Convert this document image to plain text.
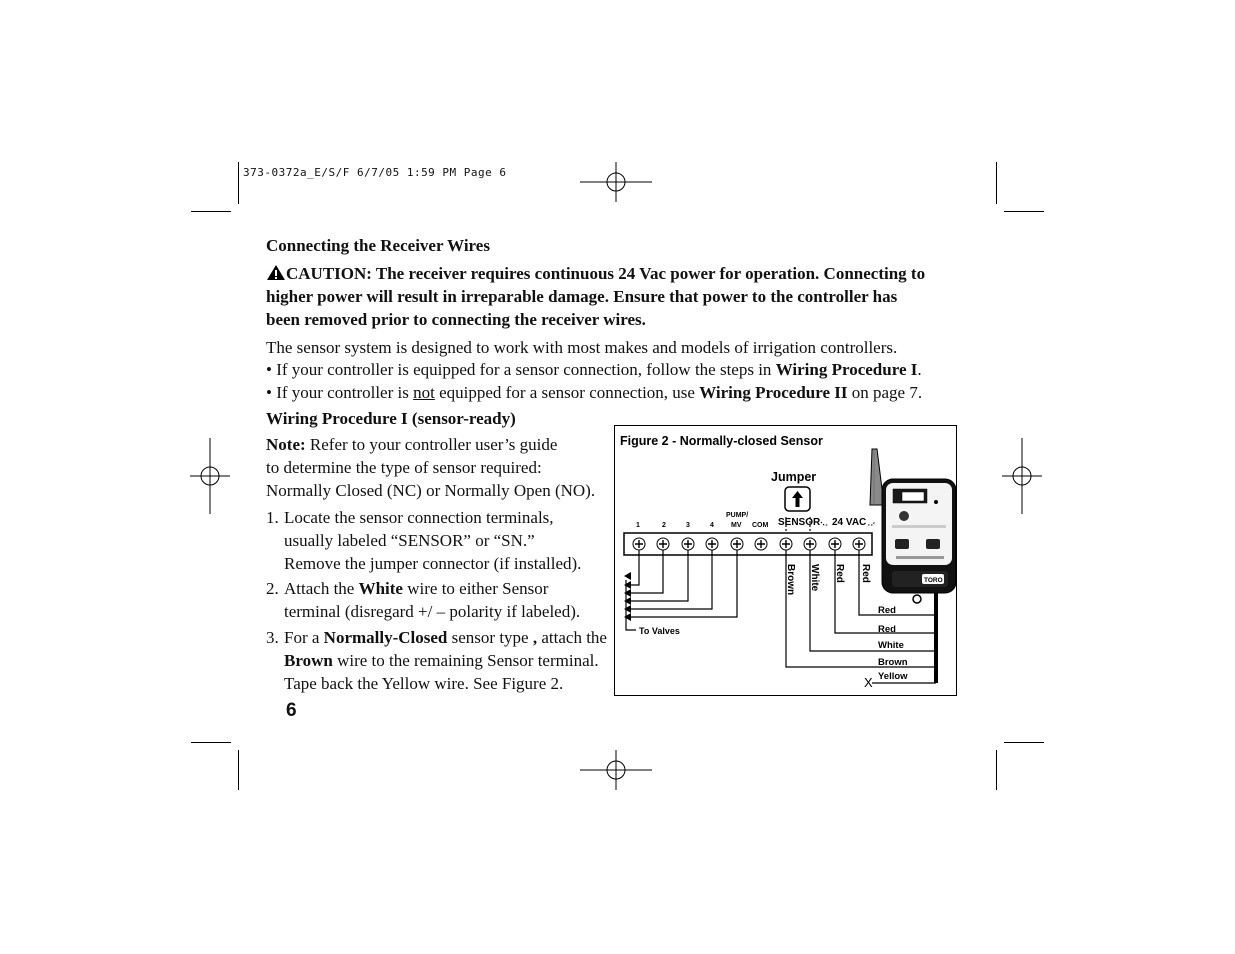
373-0372a_E/S/F 6/7/05 1:59 PM Page 6
Connecting the Receiver Wires
CAUTION: The receiver requires continuous 24 Vac power for operation. Connecting to
higher power will result in irreparable damage. Ensure that power to the controller has
been removed prior to connecting the receiver wires.
The sensor system is designed to work with most makes and models of irrigation controllers.
• If your controller is equipped for a sensor connection, follow the steps in Wiring Procedure I.
• If your controller is not equipped for a sensor connection, use Wiring Procedure II on page 7.
Wiring Procedure I (sensor-ready)
Note: Refer to your controller user’s guide
to determine the type of sensor required:
Normally Closed (NC) or Normally Open (NO).
1. Locate the sensor connection terminals,
usually labeled “SENSOR” or “SN.”
Remove the jumper connector (if installed).
2. Attach the White wire to either Sensor
terminal (disregard +/ – polarity if labeled).
3. For a Normally-Closed sensor type , attach the
Brown wire to the remaining Sensor terminal.
Tape back the Yellow wire. See Figure 2.
6
Figure 2 - Normally-closed Sensor
Jumper
1	2	3	4
PUMP/
MV COM SENSOR 24 VAC
To Valves
Brown White Red Red
Red
Red
White
Brown
Yellow
X
TORO
